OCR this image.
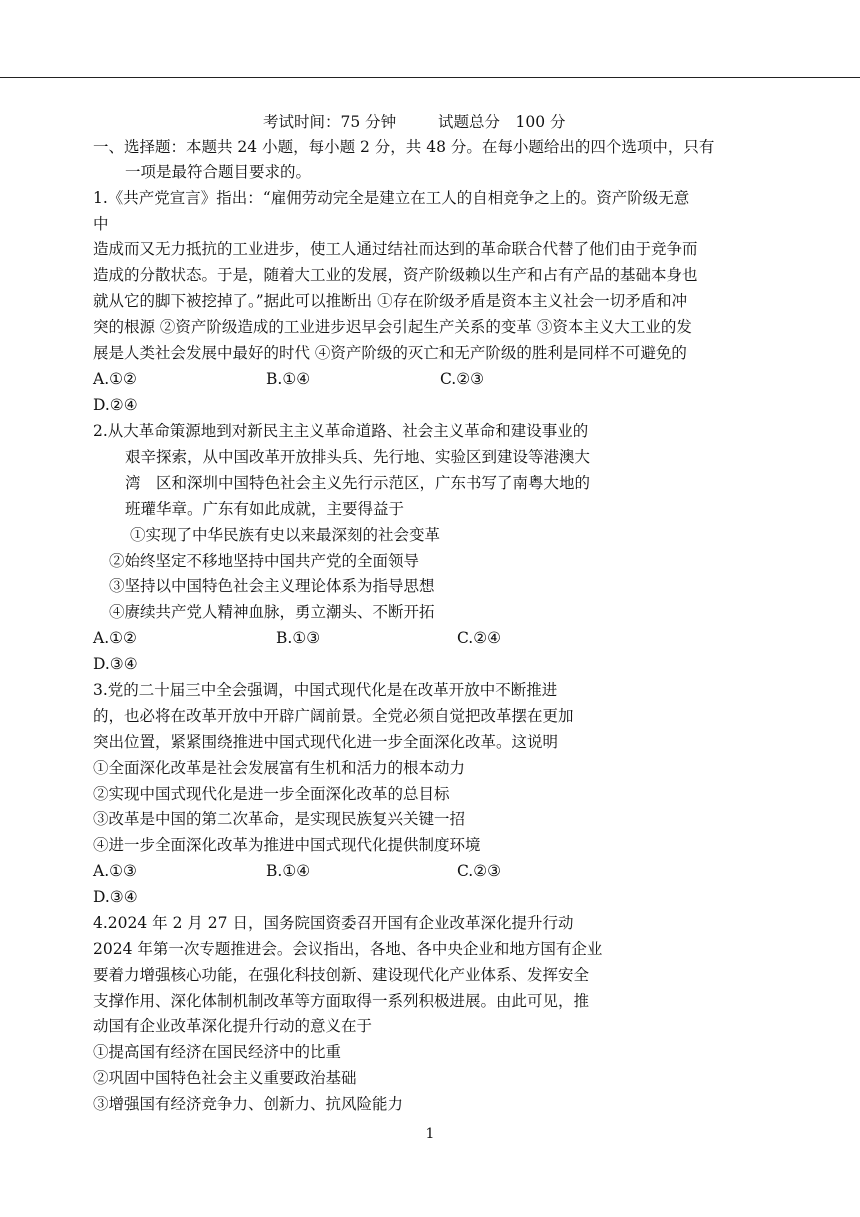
考试时间：75 分钟	试题总分　100 分
一、选择题：本题共 24 小题，每小题 2 分，共 48 分。在每小题给出的四个选项中，只有
一项是最符合题目要求的。
1.《共产党宣言》指出：“雇佣劳动完全是建立在工人的自相竞争之上的。资产阶级无意
中
造成而又无力抵抗的工业进步，使工人通过结社而达到的革命联合代替了他们由于竞争而
造成的分散状态。于是，随着大工业的发展，资产阶级赖以生产和占有产品的基础本身也
就从它的脚下被挖掉了。”据此可以推断出 ①存在阶级矛盾是资本主义社会一切矛盾和冲
突的根源 ②资产阶级造成的工业进步迟早会引起生产关系的变革 ③资本主义大工业的发
展是人类社会发展中最好的时代 ④资产阶级的灭亡和无产阶级的胜利是同样不可避免的
A.①②	B.①④	C.②③
D.②④
2.从大革命策源地到对新民主主义革命道路、社会主义革命和建设事业的
艰辛探索，从中国改革开放排头兵、先行地、实验区到建设等港澳大
湾　区和深圳中国特色社会主义先行示范区，广东书写了南粤大地的
班瓘华章。广东有如此成就，主要得益于
①实现了中华民族有史以来最深刻的社会变革
②始终坚定不移地坚持中国共产党的全面领导
③坚持以中国特色社会主义理论体系为指导思想
④赓续共产党人精神血脉，勇立潮头、不断开拓
A.①②	B.①③	C.②④
D.③④
3.党的二十届三中全会强调，中国式现代化是在改革开放中不断推进
的，也必将在改革开放中开辟广阔前景。全党必须自觉把改革摆在更加
突出位置，紧紧围绕推进中国式现代化进一步全面深化改革。这说明
①全面深化改革是社会发展富有生机和活力的根本动力
②实现中国式现代化是进一步全面深化改革的总目标
③改革是中国的第二次革命，是实现民族复兴关键一招
④进一步全面深化改革为推进中国式现代化提供制度环境
A.①③	B.①④	C.②③
D.③④
4.2024 年 2 月 27 日，国务院国资委召开国有企业改革深化提升行动
2024 年第一次专题推进会。会议指出，各地、各中央企业和地方国有企业
要着力增强核心功能，在强化科技创新、建设现代化产业体系、发挥安全
支撑作用、深化体制机制改革等方面取得一系列积极进展。由此可见，推
动国有企业改革深化提升行动的意义在于
①提高国有经济在国民经济中的比重
②巩固中国特色社会主义重要政治基础
③增强国有经济竞争力、创新力、抗风险能力
1
